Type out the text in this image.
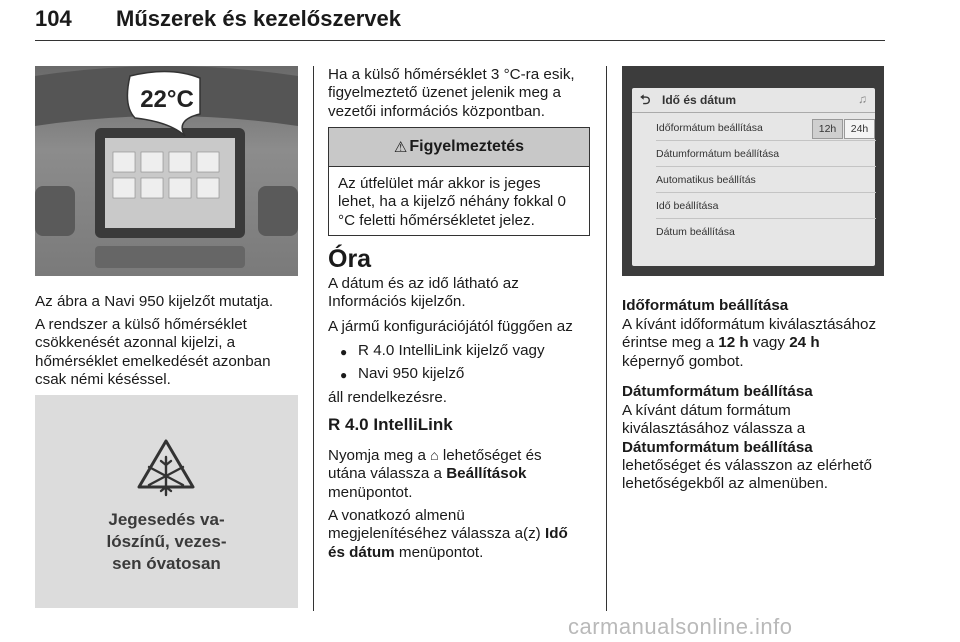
104 Műszerek és kezelőszervek
22°C
Az ábra a Navi 950 kijelzőt mutatja.
A rendszer a külső hőmérséklet csökkenését azonnal kijelzi, a hőmérséklet emelkedését azonban csak némi késéssel.
Jegesedés va-
lószínű, vezes-
sen óvatosan
Ha a külső hőmérséklet 3 °C-ra esik, figyelmeztető üzenet jelenik meg a vezetői információs központban.
⚠ Figyelmeztetés
Az útfelület már akkor is jeges lehet, ha a kijelző néhány fokkal 0 °C feletti hőmérsékletet jelez.
Óra
A dátum és az idő látható az Információs kijelzőn.
A jármű konfigurációjától függően az
● R 4.0 IntelliLink kijelző vagy
● Navi 950 kijelző
áll rendelkezésre.
R 4.0 IntelliLink
Nyomja meg a ⌂ lehetőséget és
utána válassza a Beállítások
menüpontot.
A vonatkozó almenü megjelenítéséhez válassza a(z) Idő és dátum menüpontot.
⮌ Idő és dátum	♫
Időformátum beállítása	12h	24h
Dátumformátum beállítása
Automatikus beállítás
Idő beállítása
Dátum beállítása
Időformátum beállítása
A kívánt időformátum kiválasztásához érintse meg a 12 h vagy 24 h képernyő gombot.
Dátumformátum beállítása
A kívánt dátum formátum kiválasztásához válassza a
Dátumformátum beállítása
lehetőséget és válasszon az elérhető lehetőségekből az almenüben.
carmanualsonline.info
